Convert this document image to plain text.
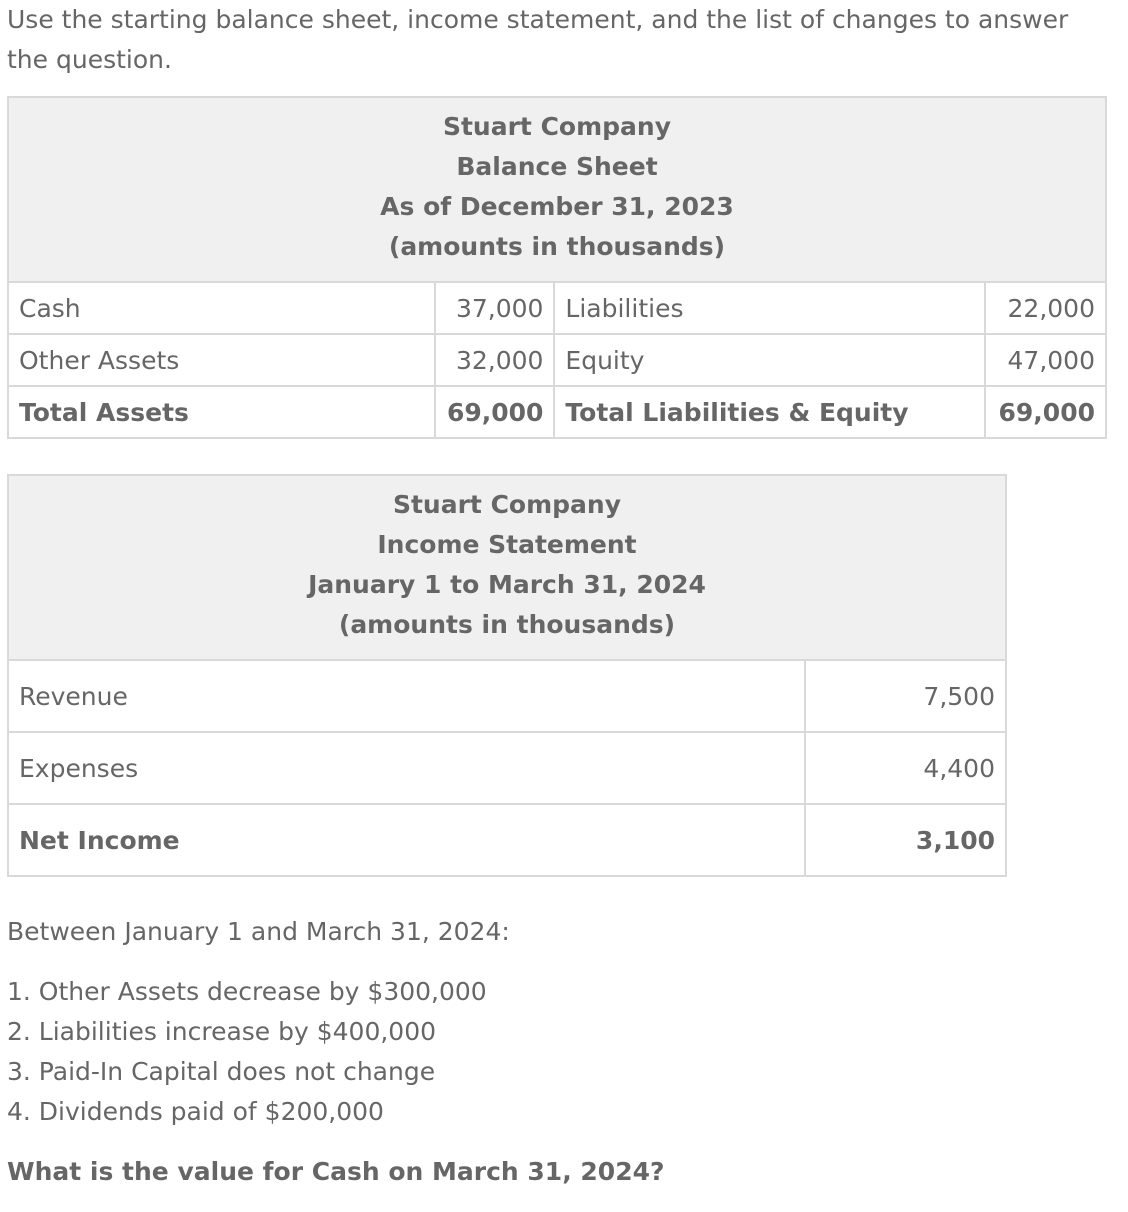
Use the starting balance sheet, income statement, and the list of changes to answer the question.

Stuart Company
Balance Sheet
As of December 31, 2023
(amounts in thousands)			

Cash	37,000	Liabilities	22,000
Other Assets	32,000	Equity	47,000
Total Assets	69,000	Total Liabilities & Equity	69,000
Stuart Company
Income Statement
January 1 to March 31, 2024
(amounts in thousands)	

Revenue	7,500
Expenses	4,400
Net Income	3,100

Between January 1 and March 31, 2024:

1. Other Assets decrease by $300,000
2. Liabilities increase by $400,000
3. Paid-In Capital does not change
4. Dividends paid of $200,000

What is the value for Cash on March 31, 2024?
